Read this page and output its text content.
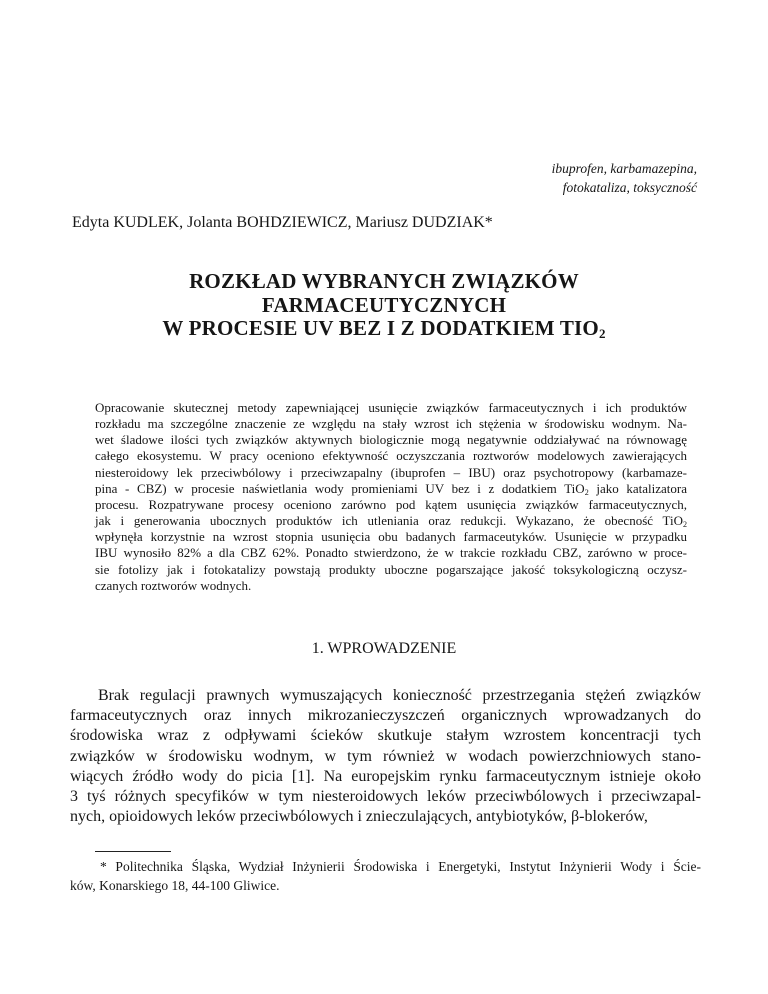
ibuprofen, karbamazepina,
fotokataliza, toksyczność
Edyta KUDLEK, Jolanta BOHDZIEWICZ, Mariusz DUDZIAK*
ROZKŁAD WYBRANYCH ZWIĄZKÓW
FARMACEUTYCZNYCH
W PROCESIE UV BEZ I Z DODATKIEM TIO2
Opracowanie skutecznej metody zapewniającej usunięcie związków farmaceutycznych i ich produktów
rozkładu ma szczególne znaczenie ze względu na stały wzrost ich stężenia w środowisku wodnym. Na-
wet śladowe ilości tych związków aktywnych biologicznie mogą negatywnie oddziaływać na równowagę
całego ekosystemu. W pracy oceniono efektywność oczyszczania roztworów modelowych zawierających
niesteroidowy lek przeciwbólowy i przeciwzapalny (ibuprofen – IBU) oraz psychotropowy (karbamaze-
pina - CBZ) w procesie naświetlania wody promieniami UV bez i z dodatkiem TiO2 jako katalizatora
procesu. Rozpatrywane procesy oceniono zarówno pod kątem usunięcia związków farmaceutycznych,
jak i generowania ubocznych produktów ich utleniania oraz redukcji. Wykazano, że obecność TiO2
wpłynęła korzystnie na wzrost stopnia usunięcia obu badanych farmaceutyków. Usunięcie w przypadku
IBU wynosiło 82% a dla CBZ 62%. Ponadto stwierdzono, że w trakcie rozkładu CBZ, zarówno w proce-
sie fotolizy jak i fotokatalizy powstają produkty uboczne pogarszające jakość toksykologiczną oczysz-
czanych roztworów wodnych.
1. WPROWADZENIE
Brak regulacji prawnych wymuszających konieczność przestrzegania stężeń związków
farmaceutycznych oraz innych mikrozanieczyszczeń organicznych wprowadzanych do
środowiska wraz z odpływami ścieków skutkuje stałym wzrostem koncentracji tych
związków w środowisku wodnym, w tym również w wodach powierzchniowych stano-
wiących źródło wody do picia [1]. Na europejskim rynku farmaceutycznym istnieje około
3 tyś różnych specyfików w tym niesteroidowych leków przeciwbólowych i przeciwzapal-
nych, opioidowych leków przeciwbólowych i znieczulających, antybiotyków, β-blokerów,
* Politechnika Śląska, Wydział Inżynierii Środowiska i Energetyki, Instytut Inżynierii Wody i Ście-
ków, Konarskiego 18, 44-100 Gliwice.
